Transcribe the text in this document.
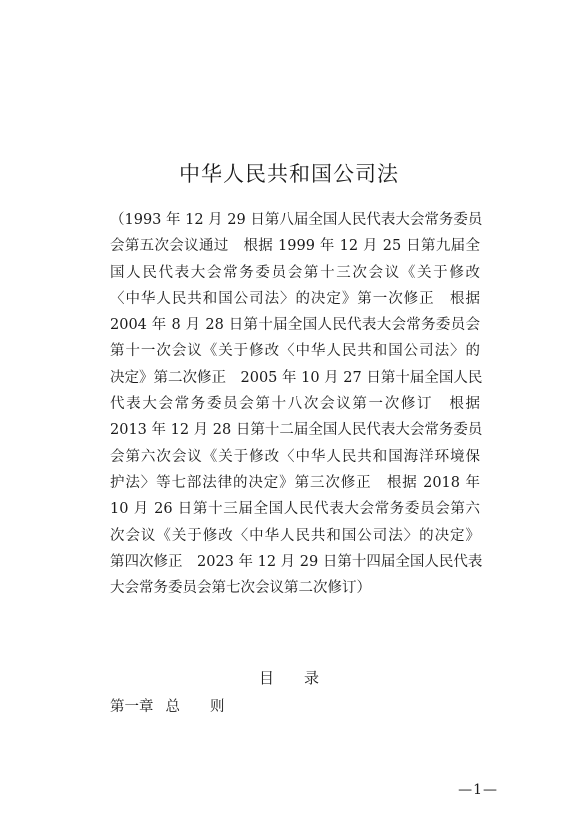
中华人民共和国公司法
（1993 年 12 月 29 日第八届全国人民代表大会常务委员
会第五次会议通过　根据 1999 年 12 月 25 日第九届全
国人民代表大会常务委员会第十三次会议《关于修改
〈中华人民共和国公司法〉的决定》第一次修正　根据
2004 年 8 月 28 日第十届全国人民代表大会常务委员会
第十一次会议《关于修改〈中华人民共和国公司法〉的
决定》第二次修正　2005 年 10 月 27 日第十届全国人民
代表大会常务委员会第十八次会议第一次修订　根据
2013 年 12 月 28 日第十二届全国人民代表大会常务委员
会第六次会议《关于修改〈中华人民共和国海洋环境保
护法〉等七部法律的决定》第三次修正　根据 2018 年
10 月 26 日第十三届全国人民代表大会常务委员会第六
次会议《关于修改〈中华人民共和国公司法〉的决定》
第四次修正　2023 年 12 月 29 日第十四届全国人民代表
大会常务委员会第七次会议第二次修订）
目 录
第一章 总 则
—1—
